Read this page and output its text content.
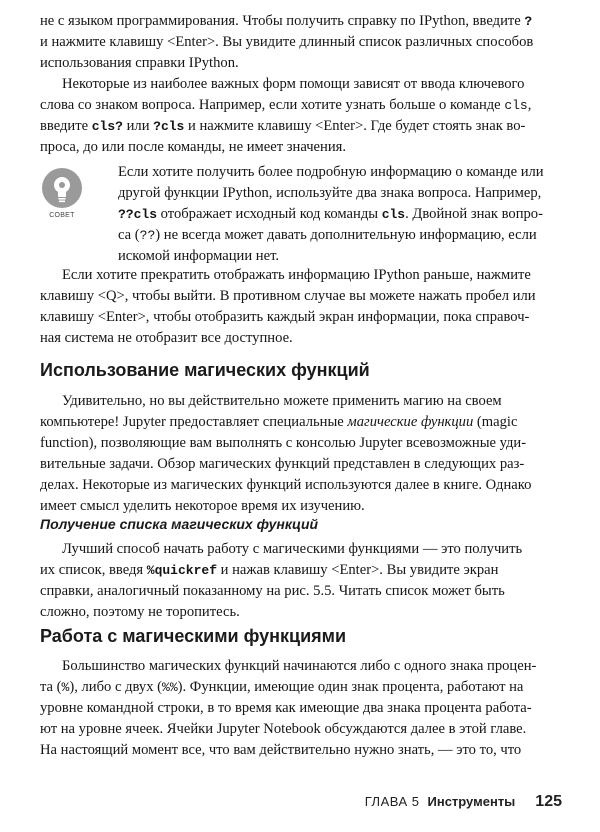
не с языком программирования. Чтобы получить справку по IPython, введите ?
и нажмите клавишу <Enter>. Вы увидите длинный список различных способов
использования справки IPython.

Некоторые из наиболее важных форм помощи зависят от ввода ключевого
слова со знаком вопроса. Например, если хотите узнать больше о команде cls,
введите cls? или ?cls и нажмите клавишу <Enter>. Где будет стоять знак во-
проса, до или после команды, не имеет значения.

СОВЕТ

Если хотите получить более подробную информацию о команде или
другой функции IPython, используйте два знака вопроса. Например,
??cls отображает исходный код команды cls. Двойной знак вопро-
са (??) не всегда может давать дополнительную информацию, если
искомой информации нет.

Если хотите прекратить отображать информацию IPython раньше, нажмите
клавишу <Q>, чтобы выйти. В противном случае вы можете нажать пробел или
клавишу <Enter>, чтобы отобразить каждый экран информации, пока справоч-
ная система не отобразит все доступное.

Использование магических функций

Удивительно, но вы действительно можете применить магию на своем
компьютере! Jupyter предоставляет специальные магические функции (magic
function), позволяющие вам выполнять с консолью Jupyter всевозможные уди-
вительные задачи. Обзор магических функций представлен в следующих раз-
делах. Некоторые из магических функций используются далее в книге. Однако
имеет смысл уделить некоторое время их изучению.

Получение списка магических функций

Лучший способ начать работу с магическими функциями — это получить
их список, введя %quickref и нажав клавишу <Enter>. Вы увидите экран
справки, аналогичный показанному на рис. 5.5. Читать список может быть
сложно, поэтому не торопитесь.

Работа с магическими функциями

Большинство магических функций начинаются либо с одного знака процен-
та (%), либо с двух (%%). Функции, имеющие один знак процента, работают на
уровне командной строки, в то время как имеющие два знака процента работа-
ют на уровне ячеек. Ячейки Jupyter Notebook обсуждаются далее в этой главе.
На настоящий момент все, что вам действительно нужно знать, — это то, что

ГЛАВА 5 Инструменты 125
